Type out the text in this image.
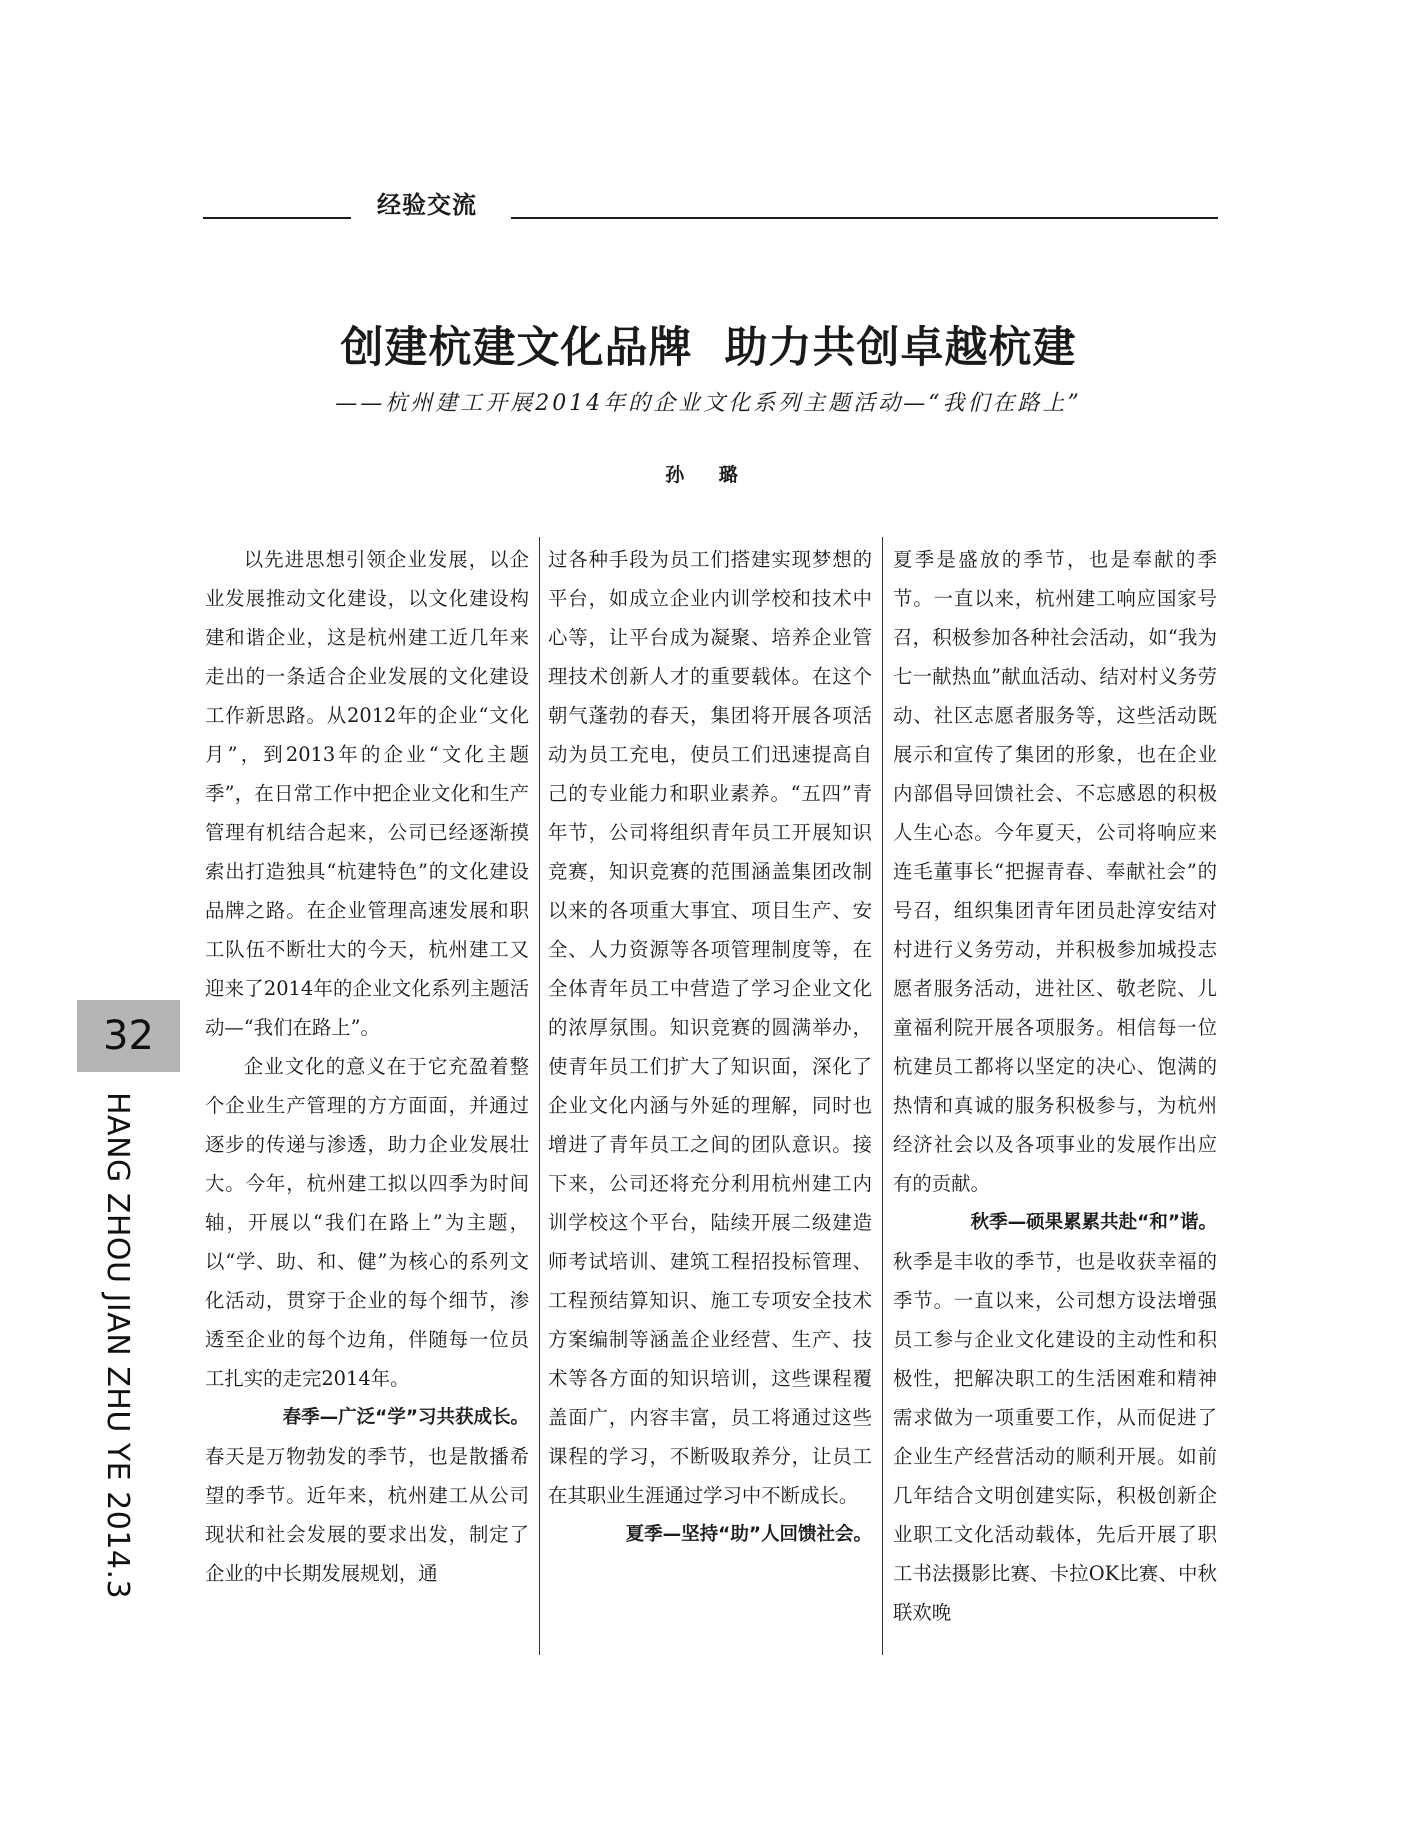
经验交流
创建杭建文化品牌  助力共创卓越杭建
——杭州建工开展2014年的企业文化系列主题活动—“我们在路上”
孙 璐

以先进思想引领企业发展，以企业发展推动文化建设，以文化建设构建和谐企业，这是杭州建工近几年来走出的一条适合企业发展的文化建设工作新思路。从2012年的企业“文化月”，到2013年的企业“文化主题季”，在日常工作中把企业文化和生产管理有机结合起来，公司已经逐渐摸索出打造独具“杭建特色”的文化建设品牌之路。在企业管理高速发展和职工队伍不断壮大的今天，杭州建工又迎来了2014年的企业文化系列主题活动—“我们在路上”。

企业文化的意义在于它充盈着整个企业生产管理的方方面面，并通过逐步的传递与渗透，助力企业发展壮大。今年，杭州建工拟以四季为时间轴，开展以“我们在路上”为主题，以“学、助、和、健”为核心的系列文化活动，贯穿于企业的每个细节，渗透至企业的每个边角，伴随每一位员工扎实的走完2014年。

春季—广泛“学”习共获成长。

春天是万物勃发的季节，也是散播希望的季节。近年来，杭州建工从公司现状和社会发展的要求出发，制定了企业的中长期发展规划，通

过各种手段为员工们搭建实现梦想的平台，如成立企业内训学校和技术中心等，让平台成为凝聚、培养企业管理技术创新人才的重要载体。在这个朝气蓬勃的春天，集团将开展各项活动为员工充电，使员工们迅速提高自己的专业能力和职业素养。“五四”青年节，公司将组织青年员工开展知识竞赛，知识竞赛的范围涵盖集团改制以来的各项重大事宜、项目生产、安全、人力资源等各项管理制度等，在全体青年员工中营造了学习企业文化的浓厚氛围。知识竞赛的圆满举办，使青年员工们扩大了知识面，深化了企业文化内涵与外延的理解，同时也增进了青年员工之间的团队意识。接下来，公司还将充分利用杭州建工内训学校这个平台，陆续开展二级建造师考试培训、建筑工程招投标管理、工程预结算知识、施工专项安全技术方案编制等涵盖企业经营、生产、技术等各方面的知识培训，这些课程覆盖面广，内容丰富，员工将通过这些课程的学习，不断吸取养分，让员工在其职业生涯通过学习中不断成长。

夏季—坚持“助”人回馈社会。

夏季是盛放的季节，也是奉献的季节。一直以来，杭州建工响应国家号召，积极参加各种社会活动，如“我为七一献热血”献血活动、结对村义务劳动、社区志愿者服务等，这些活动既展示和宣传了集团的形象，也在企业内部倡导回馈社会、不忘感恩的积极人生心态。今年夏天，公司将响应来连毛董事长“把握青春、奉献社会”的号召，组织集团青年团员赴淳安结对村进行义务劳动，并积极参加城投志愿者服务活动，进社区、敬老院、儿童福利院开展各项服务。相信每一位杭建员工都将以坚定的决心、饱满的热情和真诚的服务积极参与，为杭州经济社会以及各项事业的发展作出应有的贡献。

秋季—硕果累累共赴“和”谐。

秋季是丰收的季节，也是收获幸福的季节。一直以来，公司想方设法增强员工参与企业文化建设的主动性和积极性，把解决职工的生活困难和精神需求做为一项重要工作，从而促进了企业生产经营活动的顺利开展。如前几年结合文明创建实际，积极创新企业职工文化活动载体，先后开展了职工书法摄影比赛、卡拉OK比赛、中秋联欢晚

32
HANG ZHOU JIAN ZHU YE 2014.3
